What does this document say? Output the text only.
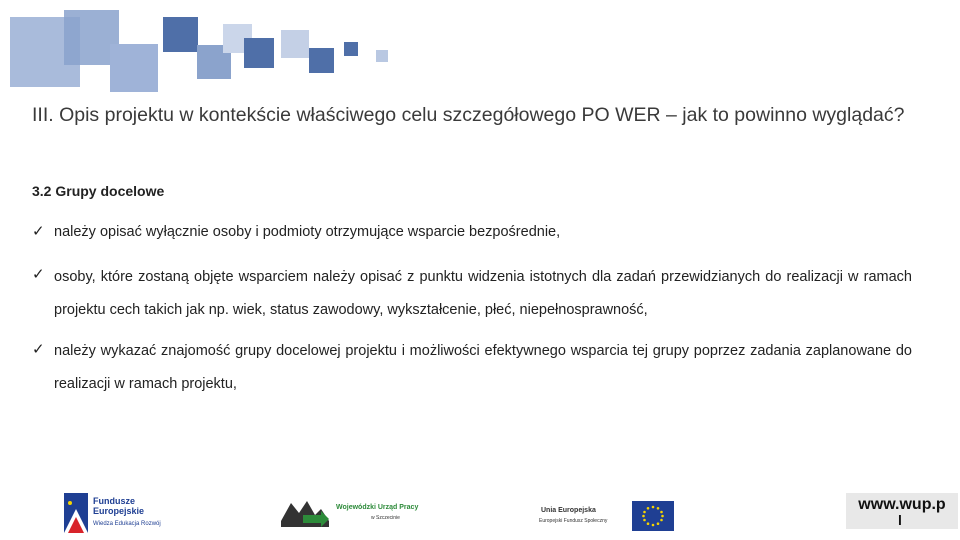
III. Opis projektu w kontekście właściwego celu szczegółowego PO WER – jak to powinno wyglądać?
3.2 Grupy docelowe
✓ należy opisać wyłącznie osoby i podmioty otrzymujące wsparcie bezpośrednie,
✓ osoby, które zostaną objęte wsparciem należy opisać z punktu widzenia istotnych dla zadań przewidzianych do realizacji w ramach projektu cech takich jak np. wiek, status zawodowy, wykształcenie, płeć, niepełnosprawność,
✓ należy wykazać znajomość grupy docelowej projektu i możliwości efektywnego wsparcia tej grupy poprzez zadania zaplanowane do realizacji w ramach projektu,
Fundusze
Europejskie
Wiedza Edukacja Rozwój
Wojewódzki Urząd Pracy
w Szczecinie
Unia Europejska
Europejski Fundusz Społeczny
www.wup.p
l
